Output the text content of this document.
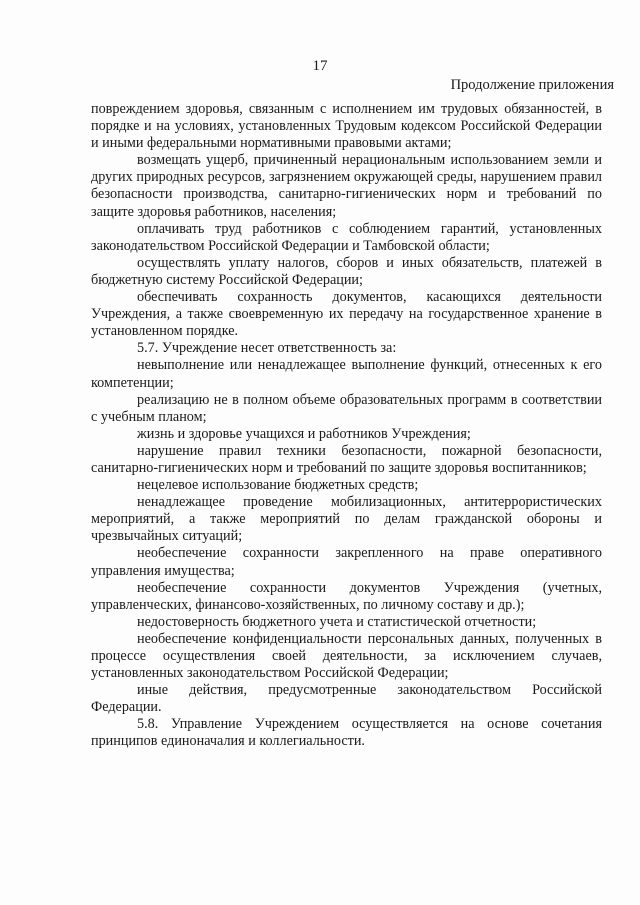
17
Продолжение приложения

повреждением здоровья, связанным с исполнением им трудовых обязанностей, в порядке и на условиях, установленных Трудовым кодексом Российской Федерации и иными федеральными нормативными правовыми актами;

возмещать ущерб, причиненный нерациональным использованием земли и других природных ресурсов, загрязнением окружающей среды, нарушением правил безопасности производства, санитарно-гигиенических норм и требований по защите здоровья работников, населения;

оплачивать труд работников с соблюдением гарантий, установленных законодательством Российской Федерации и Тамбовской области;

осуществлять уплату налогов, сборов и иных обязательств, платежей в бюджетную систему Российской Федерации;

обеспечивать сохранность документов, касающихся деятельности Учреждения, а также своевременную их передачу на государственное хранение в установленном порядке.

5.7. Учреждение несет ответственность за:

невыполнение или ненадлежащее выполнение функций, отнесенных к его компетенции;

реализацию не в полном объеме образовательных программ в соответствии с учебным планом;

жизнь и здоровье учащихся и работников Учреждения;

нарушение правил техники безопасности, пожарной безопасности, санитарно-гигиенических норм и требований по защите здоровья воспитанников;

нецелевое использование бюджетных средств;

ненадлежащее проведение мобилизационных, антитеррористических мероприятий, а также мероприятий по делам гражданской обороны и чрезвычайных ситуаций;

необеспечение сохранности закрепленного на праве оперативного управления имущества;

необеспечение сохранности документов Учреждения (учетных, управленческих, финансово-хозяйственных, по личному составу и др.);

недостоверность бюджетного учета и статистической отчетности;

необеспечение конфиденциальности персональных данных, полученных в процессе осуществления своей деятельности, за исключением случаев, установленных законодательством Российской Федерации;

иные действия, предусмотренные законодательством Российской Федерации.

5.8. Управление Учреждением осуществляется на основе сочетания принципов единоначалия и коллегиальности.
